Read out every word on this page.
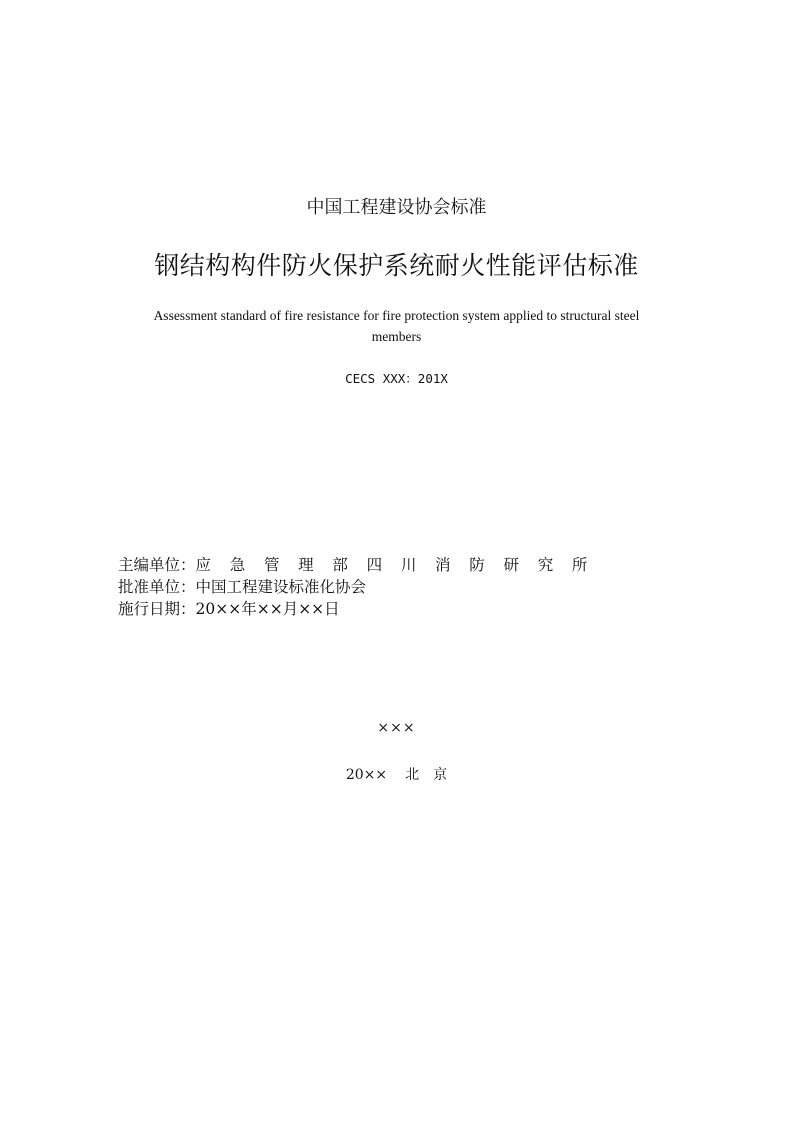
中国工程建设协会标准
钢结构构件防火保护系统耐火性能评估标准
Assessment standard of fire resistance for fire protection system applied to structural steel members
CECS XXX：201X
主编单位： 应 急 管 理 部 四 川 消 防 研 究 所
批准单位：中国工程建设标准化协会
施行日期：20××年××月××日
×××
20×× 北 京
